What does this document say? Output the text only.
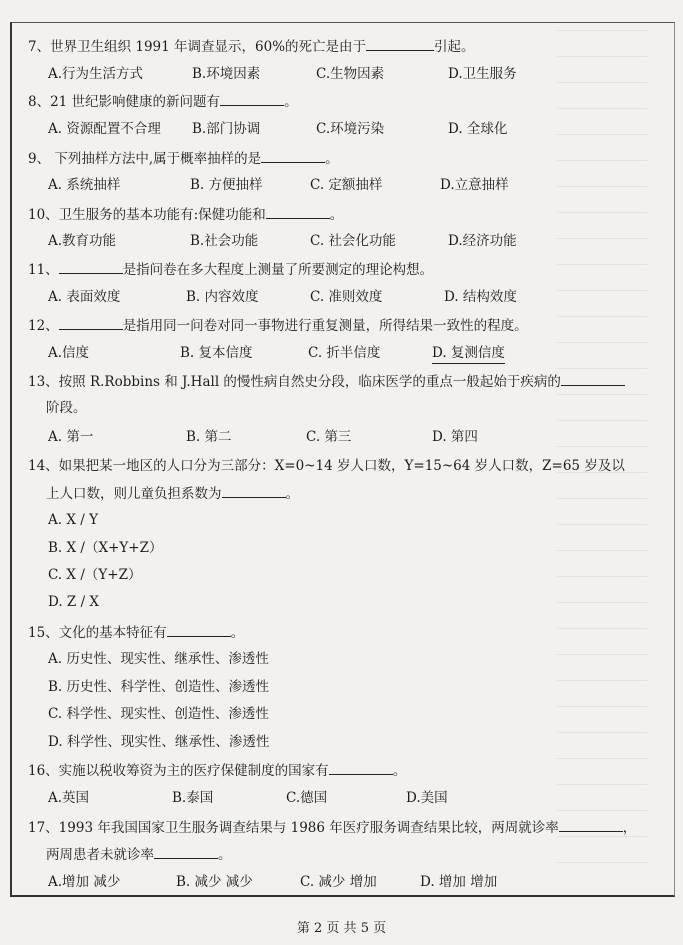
7、世界卫生组织 1991 年调查显示，60%的死亡是由于	引起。
A.行为生活方式	B.环境因素	C.生物因素	D.卫生服务
8、21 世纪影响健康的新问题有	。
A. 资源配置不合理 B.部门协调	C.环境污染	D. 全球化
9、 下列抽样方法中,属于概率抽样的是	。
A. 系统抽样	B. 方便抽样	C. 定额抽样	D.立意抽样
10、卫生服务的基本功能有:保健功能和	。
A.教育功能	B.社会功能	C. 社会化功能	D.经济功能
11、	是指问卷在多大程度上测量了所要测定的理论构想。
A. 表面效度	B. 内容效度	C. 准则效度	D. 结构效度
12、	是指用同一问卷对同一事物进行重复测量，所得结果一致性的程度。
A.信度	B. 复本信度	C. 折半信度	D. 复测信度
13、按照 R.Robbins 和 J.Hall 的慢性病自然史分段，临床医学的重点一般起始于疾病的
阶段。
A. 第一	B. 第二	C. 第三	D. 第四
14、如果把某一地区的人口分为三部分：X=0~14 岁人口数，Y=15~64 岁人口数，Z=65 岁及以
上人口数，则儿童负担系数为	。
A. X / Y
B. X /（X+Y+Z）
C. X /（Y+Z）
D. Z / X
15、文化的基本特征有	。
A. 历史性、现实性、继承性、渗透性
B. 历史性、科学性、创造性、渗透性
C. 科学性、现实性、创造性、渗透性
D. 科学性、现实性、继承性、渗透性
16、实施以税收筹资为主的医疗保健制度的国家有	。
A.英国	B.泰国	C.德国	D.美国
17、1993 年我国国家卫生服务调查结果与 1986 年医疗服务调查结果比较，两周就诊率	，
两周患者未就诊率	。
A.增加 减少	B. 减少 减少	C. 减少 增加	D. 增加 增加
第 2 页 共 5 页
